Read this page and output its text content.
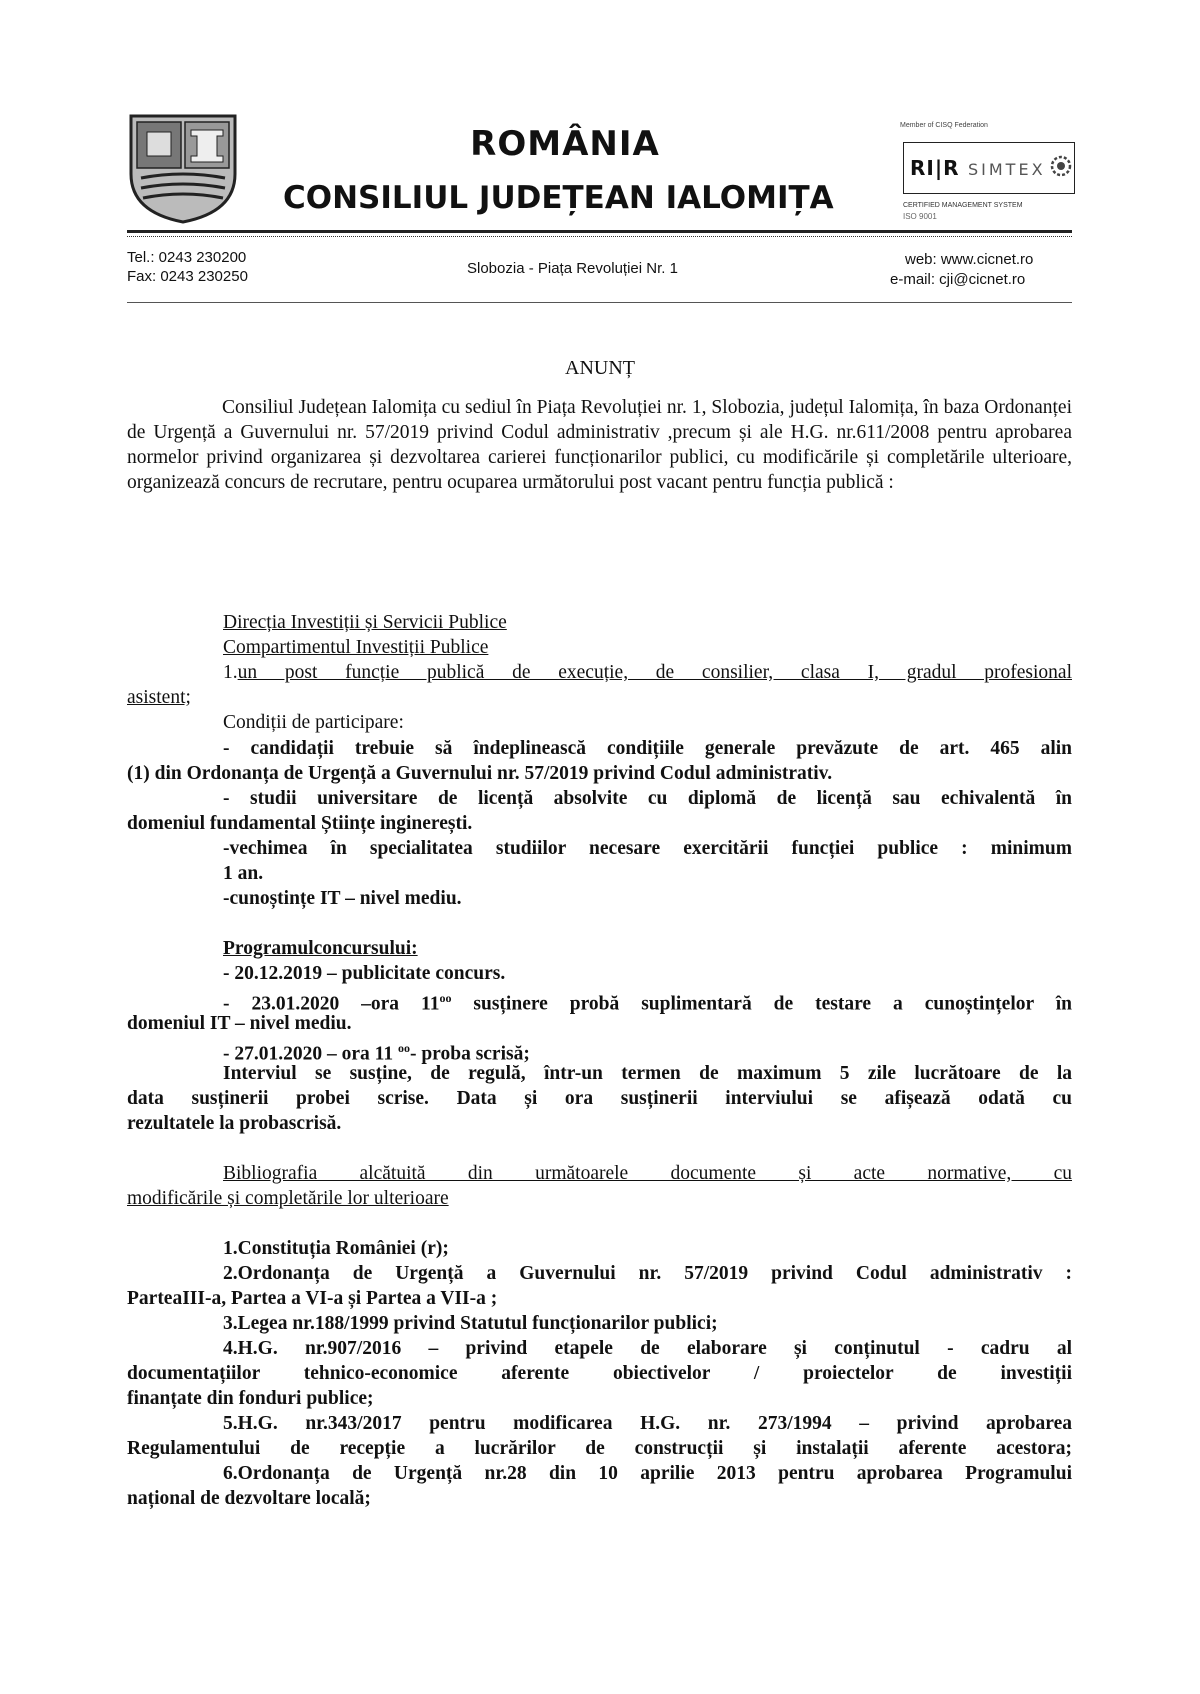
ROMÂNIA
CONSILIUL JUDEȚEAN IALOMIȚA
Member of CISQ Federation
RI|R SIMTEX
CERTIFIED MANAGEMENT SYSTEM
ISO 9001
Tel.: 0243 230200
Fax: 0243 230250	Slobozia - Piața Revoluției Nr. 1
web: www.cicnet.ro
e-mail: cji@cicnet.ro
ANUNȚ

Consiliul Județean Ialomița cu sediul în Piața Revoluției nr. 1, Slobozia, județul Ialomița, în baza Ordonanței de Urgență a Guvernului nr. 57/2019 privind Codul administrativ ,precum și ale H.G. nr.611/2008 pentru aprobarea normelor privind organizarea și dezvoltarea carierei funcționarilor publici, cu modificările și completările ulterioare, organizează concurs de recrutare, pentru ocuparea următorului post vacant pentru funcția publică :

Direcția Investiții și Servicii Publice
Compartimentul Investiții Publice
1.un post funcție publică de execuție, de consilier, clasa I, gradul profesional
asistent;
Condiții de participare:
- candidații trebuie să îndeplinească condițiile generale prevăzute de art. 465 alin
(1) din Ordonanța de Urgență a Guvernului nr. 57/2019 privind Codul administrativ.
- studii universitare de licență absolvite cu diplomă de licență sau echivalentă în
domeniul fundamental Științe inginerești.
-vechimea în specialitatea studiilor necesare exercitării funcției publice : minimum
1 an.
-cunoștințe IT – nivel mediu.
Programulconcursului:
- 20.12.2019 – publicitate concurs.
- 23.01.2020 –ora $11^{oo}$ susținere probă suplimentară de testare a cunoștințelor în
domeniul IT – nivel mediu.
- 27.01.2020 – ora 11 $^{oo}$- proba scrisă;
Interviul se susține, de regulă, într-un termen de maximum 5 zile lucrătoare de la
data susținerii probei scrise. Data și ora susținerii interviului se afișează odată cu
rezultatele la probascrisă.
Bibliografia alcătuită din următoarele documente și acte normative, cu
modificările și completările lor ulterioare
1.Constituția României (r);
2.Ordonanța de Urgență a Guvernului nr. 57/2019 privind Codul administrativ :
ParteaIII-a, Partea a VI-a și Partea a VII-a ;
3.Legea nr.188/1999 privind Statutul funcționarilor publici;
4.H.G. nr.907/2016 – privind etapele de elaborare și conținutul - cadru al
documentațiilor tehnico-economice aferente obiectivelor / proiectelor de investiții
finanțate din fonduri publice;
5.H.G. nr.343/2017 pentru modificarea H.G. nr. 273/1994 – privind aprobarea
Regulamentului de recepție a lucrărilor de construcții și instalații aferente acestora;
6.Ordonanța de Urgență nr.28 din 10 aprilie 2013 pentru aprobarea Programului
național de dezvoltare locală;
